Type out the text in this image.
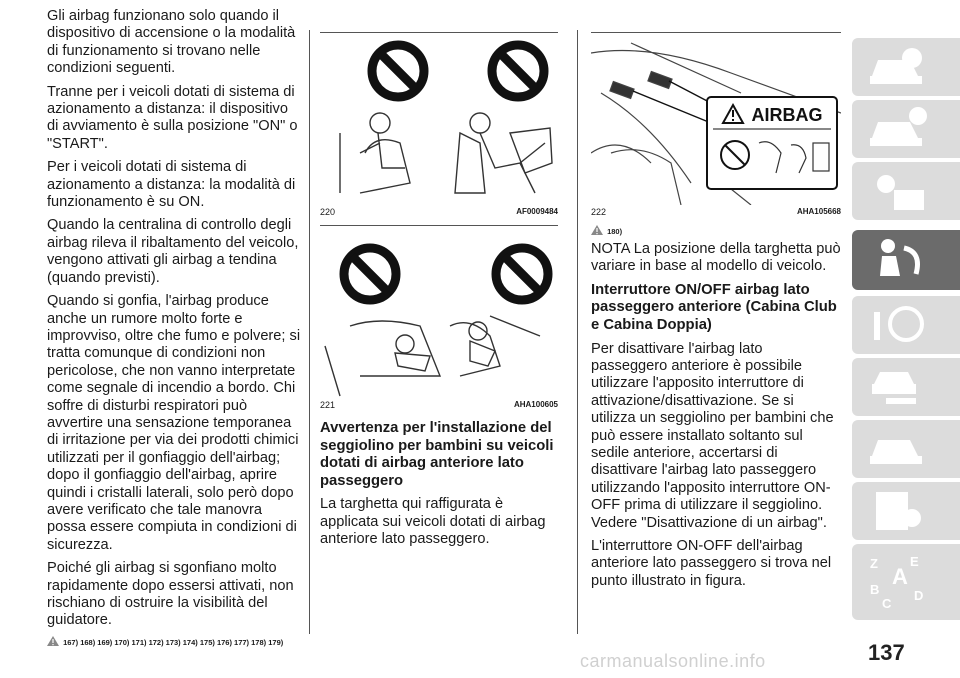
Gli airbag funzionano solo quando il dispositivo di accensione o la modalità di funzionamento si trovano nelle condizioni seguenti.

Tranne per i veicoli dotati di sistema di azionamento a distanza: il dispositivo di avviamento è sulla posizione "ON" o "START".

Per i veicoli dotati di sistema di azionamento a distanza: la modalità di funzionamento è su ON.

Quando la centralina di controllo degli airbag rileva il ribaltamento del veicolo, vengono attivati gli airbag a tendina (quando previsti).

Quando si gonfia, l'airbag produce anche un rumore molto forte e improvviso, oltre che fumo e polvere; si tratta comunque di condizioni non pericolose, che non vanno interpretate come segnale di incendio a bordo. Chi soffre di disturbi respiratori può avvertire una sensazione temporanea di irritazione per via dei prodotti chimici utilizzati per il gonfiaggio dell'airbag; dopo il gonfiaggio dell'airbag, aprire quindi i cristalli laterali, solo però dopo avere verificato che tale manovra possa essere compiuta in condizioni di sicurezza.

Poiché gli airbag si sgonfiano molto rapidamente dopo essersi attivati, non rischiano di ostruire la visibilità del guidatore.

167) 168) 169) 170) 171) 172) 173) 174) 175) 176) 177) 178) 179)
220	AF0009484
221	AHA100605
Avvertenza per l'installazione del seggiolino per bambini su veicoli dotati di airbag anteriore lato passeggero

La targhetta qui raffigurata è applicata sui veicoli dotati di airbag anteriore lato passeggero.

AIRBAG
222	AHA105668
180)

NOTA La posizione della targhetta può variare in base al modello di veicolo.

Interruttore ON/OFF airbag lato passeggero anteriore (Cabina Club e Cabina Doppia)

Per disattivare l'airbag lato passeggero anteriore è possibile utilizzare l'apposito interruttore di attivazione/disattivazione. Se si utilizza un seggiolino per bambini che può essere installato soltanto sul sedile anteriore, accertarsi di disattivare l'airbag lato passeggero utilizzando l'apposito interruttore ON-OFF prima di utilizzare il seggiolino. Vedere "Disattivazione di un airbag".

L'interruttore ON-OFF dell'airbag anteriore lato passeggero si trova nel punto illustrato in figura.

Z E
A
B
C
D
137
carmanualsonline.info
